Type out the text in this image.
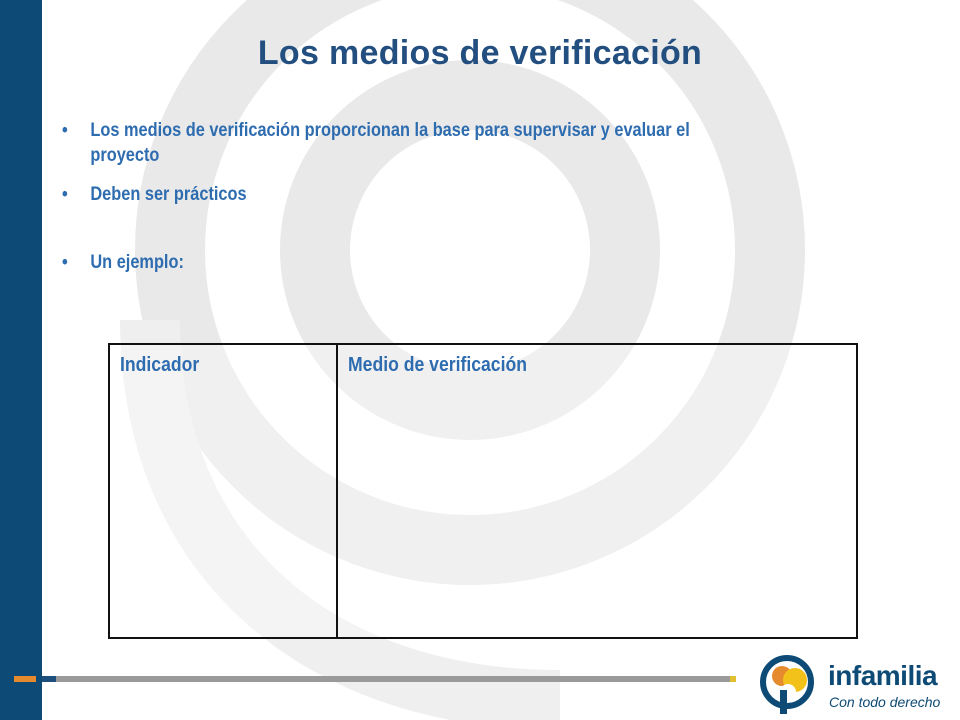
Los medios de verificación
• Los medios de verificación proporcionan la base para supervisar y evaluar el proyecto
• Deben ser prácticos
• Un ejemplo:
Indicador	Medio de verificación
infamilia
Con todo derecho
